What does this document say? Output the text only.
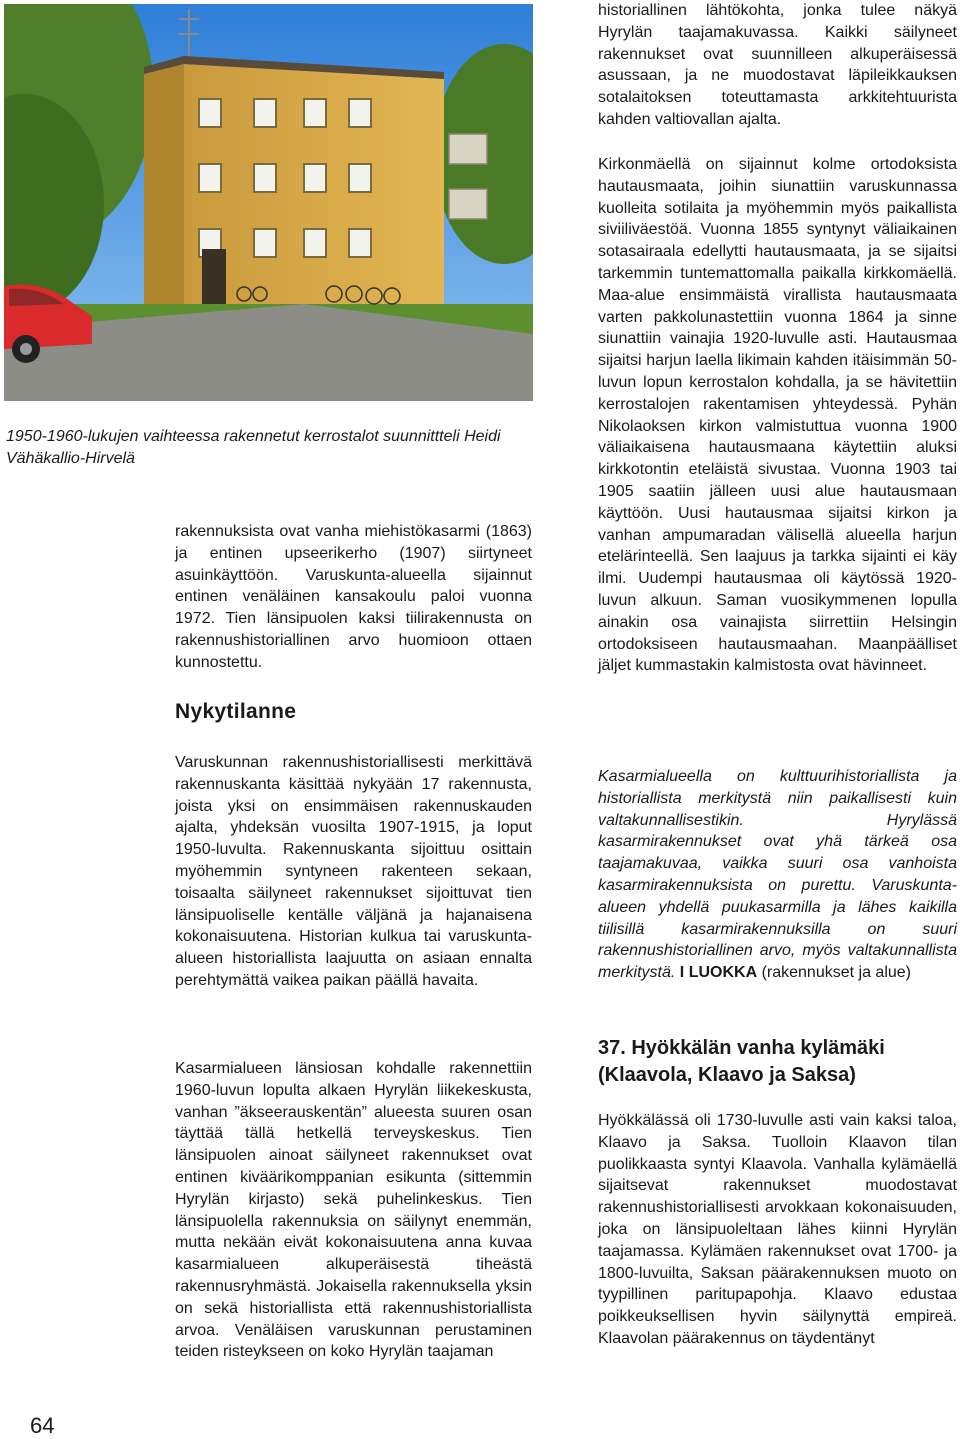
1950-1960-lukujen vaihteessa rakennetut kerrostalot suunnittteli Heidi Vähäkallio-Hirvelä

rakennuksista ovat vanha miehistökasarmi (1863) ja entinen upseerikerho (1907) siirtyneet asuinkäyttöön. Varuskunta-alueella sijainnut entinen venäläinen kansakoulu paloi vuonna 1972. Tien länsipuolen kaksi tiilirakennusta on rakennushistoriallinen arvo huomioon ottaen kunnostettu.

Nykytilanne

Varuskunnan rakennushistoriallisesti merkittävä rakennuskanta käsittää nykyään 17 rakennusta, joista yksi on ensimmäisen rakennuskauden ajalta, yhdeksän vuosilta 1907-1915, ja loput 1950-luvulta. Rakennuskanta sijoittuu osittain myöhemmin syntyneen rakenteen sekaan, toisaalta säilyneet rakennukset sijoittuvat tien länsipuoliselle kentälle väljänä ja hajanaisena kokonaisuutena. Historian kulkua tai varuskunta-alueen historiallista laajuutta on asiaan ennalta perehtymättä vaikea paikan päällä havaita.

Kasarmialueen länsiosan kohdalle rakennettiin 1960-luvun lopulta alkaen Hyrylän liikekeskusta, vanhan ”äkseerauskentän” alueesta suuren osan täyttää tällä hetkellä terveyskeskus. Tien länsipuolen ainoat säilyneet rakennukset ovat entinen kiväärikomppanian esikunta (sittemmin Hyrylän kirjasto) sekä puhelinkeskus. Tien länsipuolella rakennuksia on säilynyt enemmän, mutta nekään eivät kokonaisuutena anna kuvaa kasarmialueen alkuperäisestä tiheästä rakennusryhmästä. Jokaisella rakennuksella yksin on sekä historiallista että rakennushistoriallista arvoa. Venäläisen varuskunnan perustaminen teiden risteykseen on koko Hyrylän taajaman

historiallinen lähtökohta, jonka tulee näkyä Hyrylän taajamakuvassa. Kaikki säilyneet rakennukset ovat suunnilleen alkuperäisessä asussaan, ja ne muodostavat läpileikkauksen sotalaitoksen toteuttamasta arkkitehtuurista kahden valtiovallan ajalta.

Kirkonmäellä on sijainnut kolme ortodoksista hautausmaata, joihin siunattiin varuskunnassa kuolleita sotilaita ja myöhemmin myös paikallista siviiliväestöä. Vuonna 1855 syntynyt väliaikainen sotasairaala edellytti hautausmaata, ja se sijaitsi tarkemmin tuntemattomalla paikalla kirkkomäellä. Maa-alue ensimmäistä virallista hautausmaata varten pakkolunastettiin vuonna 1864 ja sinne siunattiin vainajia 1920-luvulle asti. Hautausmaa sijaitsi harjun laella likimain kahden itäisimmän 50-luvun lopun kerrostalon kohdalla, ja se hävitettiin kerrostalojen rakentamisen yhteydessä. Pyhän Nikolaoksen kirkon valmistuttua vuonna 1900 väliaikaisena hautausmaana käytettiin aluksi kirkkotontin eteläistä sivustaa. Vuonna 1903 tai 1905 saatiin jälleen uusi alue hautausmaan käyttöön. Uusi hautausmaa sijaitsi kirkon ja vanhan ampumaradan välisellä alueella harjun etelärinteellä. Sen laajuus ja tarkka sijainti ei käy ilmi. Uudempi hautausmaa oli käytössä 1920-luvun alkuun. Saman vuosikymmenen lopulla ainakin osa vainajista siirrettiin Helsingin ortodoksiseen hautausmaahan. Maanpäälliset jäljet kummastakin kalmistosta ovat hävinneet.

Kasarmialueella on kulttuurihistoriallista ja historiallista merkitystä niin paikallisesti kuin valtakunnallisestikin. Hyrylässä kasarmirakennukset ovat yhä tärkeä osa taajamakuvaa, vaikka suuri osa vanhoista kasarmirakennuksista on purettu. Varuskunta-alueen yhdellä puukasarmilla ja lähes kaikilla tiilisillä kasarmirakennuksilla on suuri rakennushistoriallinen arvo, myös valtakunnallista merkitystä. I LUOKKA (rakennukset ja alue)

37. Hyökkälän vanha kylämäki (Klaavola, Klaavo ja Saksa)

Hyökkälässä oli 1730-luvulle asti vain kaksi taloa, Klaavo ja Saksa. Tuolloin Klaavon tilan puolikkaasta syntyi Klaavola. Vanhalla kylämäellä sijaitsevat rakennukset muodostavat rakennushistoriallisesti arvokkaan kokonaisuuden, joka on länsipuoleltaan lähes kiinni Hyrylän taajamassa. Kylämäen rakennukset ovat 1700- ja 1800-luvuilta, Saksan päärakennuksen muoto on tyypillinen paritupapohja. Klaavo edustaa poikkeuksellisen hyvin säilynyttä empireä. Klaavolan päärakennus on täydentänyt

64
